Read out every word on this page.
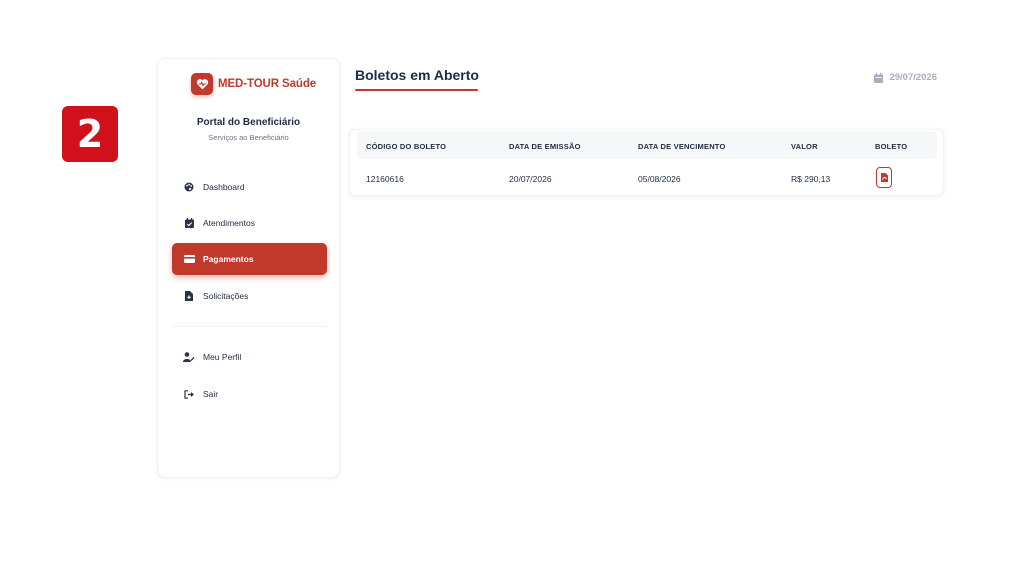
2
MED-TOUR Saúde
Portal do Beneficiário
Serviços ao Beneficiário
Dashboard
Atendimentos
Pagamentos
Solicitações
Meu Perfil
Sair
Boletos em Aberto	29/07/2026
CÓDIGO DO BOLETO	DATA DE EMISSÃO	DATA DE VENCIMENTO	VALOR	BOLETO
12160616	20/07/2026	05/08/2026	R$ 290,13
